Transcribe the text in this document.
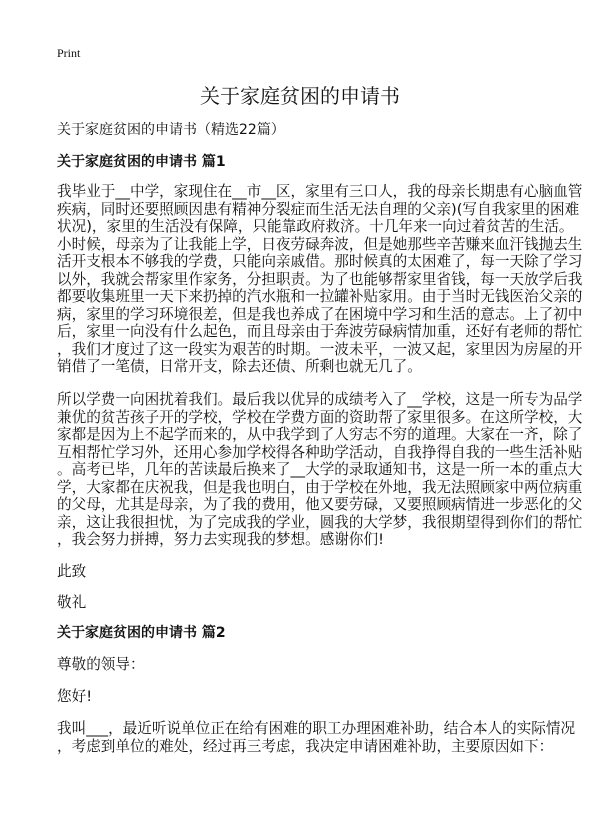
Print
关于家庭贫困的申请书
关于家庭贫困的申请书（精选22篇）
关于家庭贫困的申请书 篇1
我毕业于__中学，家现住在__市__区，家里有三口人，我的母亲长期患有心脑血管
疾病，同时还要照顾因患有精神分裂症而生活无法自理的父亲)(写自我家里的困难
状况)，家里的生活没有保障，只能靠政府救济。十几年来一向过着贫苦的生活。
小时候，母亲为了让我能上学，日夜劳碌奔波，但是她那些辛苦赚来血汗钱抛去生
活开支根本不够我的学费，只能向亲戚借。那时候真的太困难了，每一天除了学习
以外，我就会帮家里作家务，分担职责。为了也能够帮家里省钱，每一天放学后我
都要收集班里一天下来扔掉的汽水瓶和一拉罐补贴家用。由于当时无钱医治父亲的
病，家里的学习环境很差，但是我也养成了在困境中学习和生活的意志。上了初中
后，家里一向没有什么起色，而且母亲由于奔波劳碌病情加重，还好有老师的帮忙
，我们才度过了这一段实为艰苦的时期。一波未平，一波又起，家里因为房屋的开
销借了一笔债，日常开支，除去还债、所剩也就无几了。
所以学费一向困扰着我们。最后我以优异的成绩考入了__学校，这是一所专为品学
兼优的贫苦孩子开的学校，学校在学费方面的资助帮了家里很多。在这所学校，大
家都是因为上不起学而来的，从中我学到了人穷志不穷的道理。大家在一齐，除了
互相帮忙学习外，还用心参加学校得各种助学活动，自我挣得自我的一些生活补贴
。高考已毕，几年的苦读最后换来了__大学的录取通知书，这是一所一本的重点大
学，大家都在庆祝我，但是我也明白，由于学校在外地，我无法照顾家中两位病重
的父母，尤其是母亲，为了我的费用，他又要劳碌，又要照顾病情进一步恶化的父
亲，这让我很担忧，为了完成我的学业，圆我的大学梦，我很期望得到你们的帮忙
，我会努力拼搏，努力去实现我的梦想。感谢你们!
此致
敬礼
关于家庭贫困的申请书 篇2
尊敬的领导：
您好!
我叫___，最近听说单位正在给有困难的职工办理困难补助，结合本人的实际情况
，考虑到单位的难处，经过再三考虑，我决定申请困难补助，主要原因如下：
